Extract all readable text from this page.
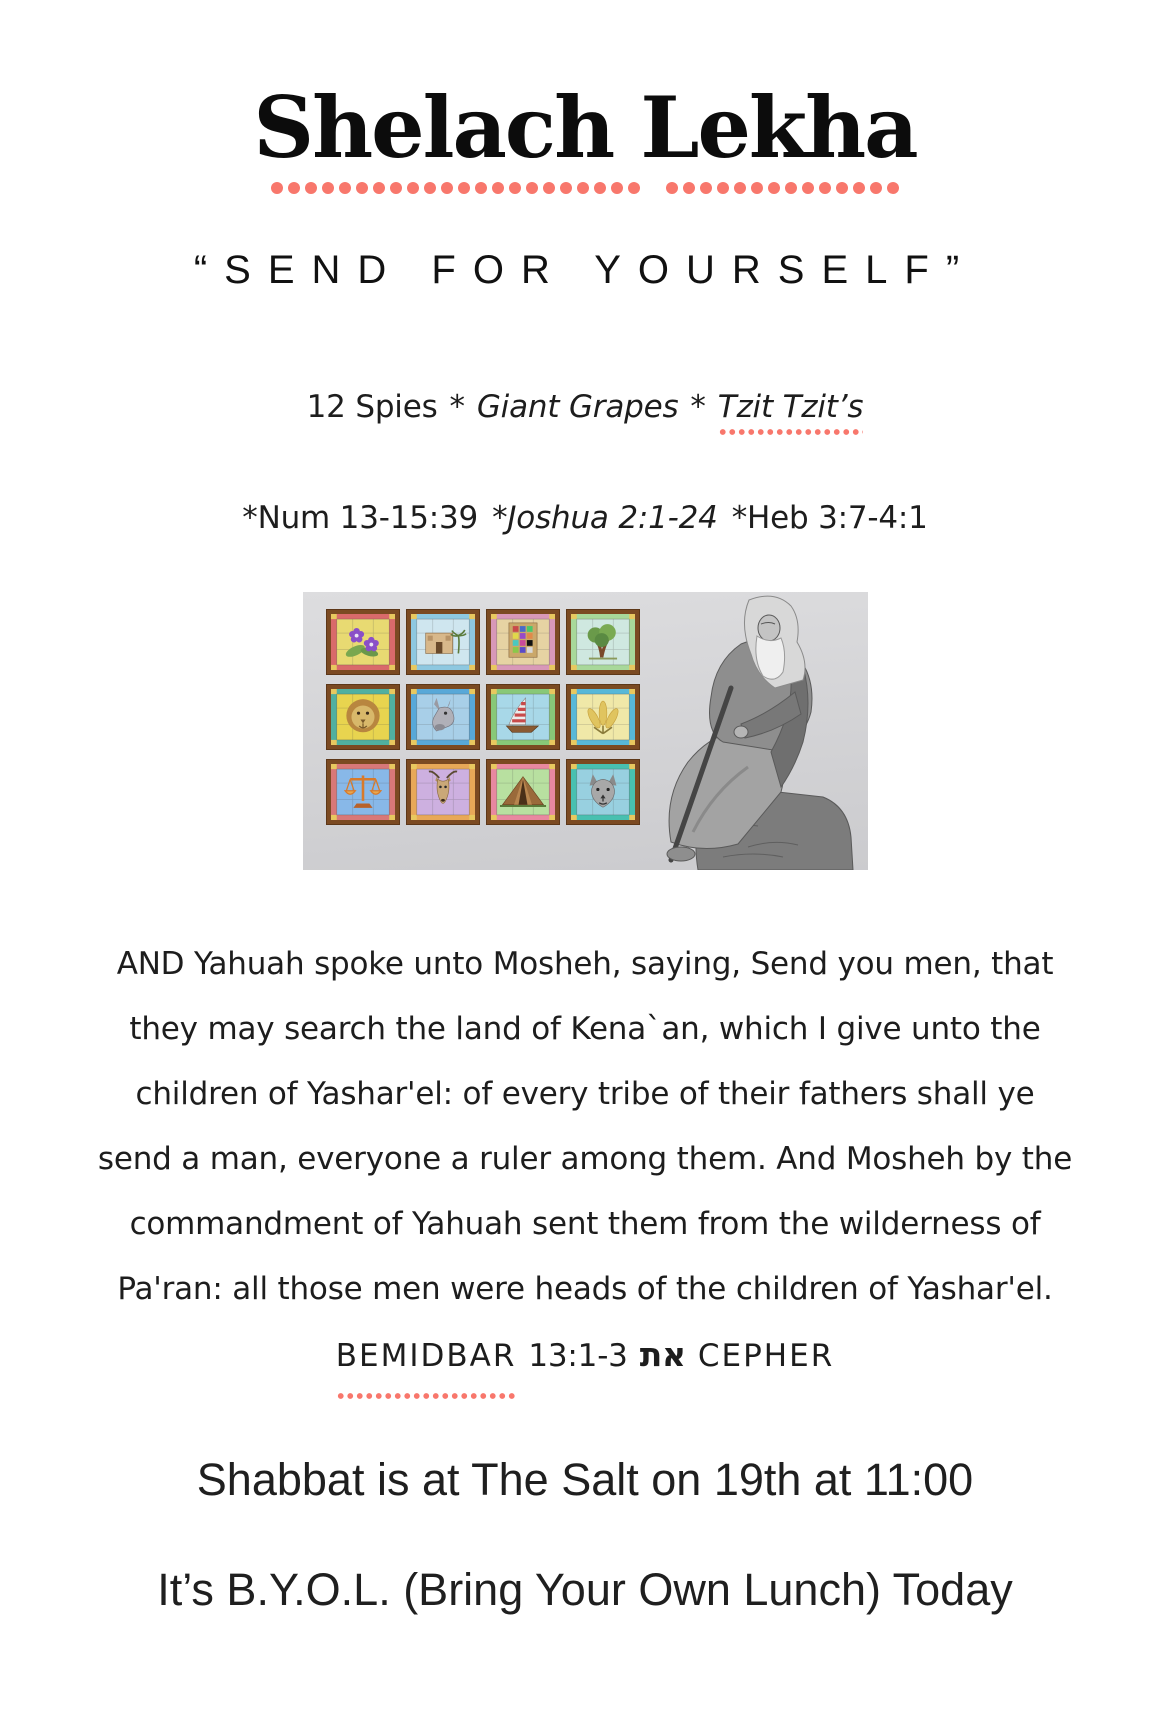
Shelach Lekha
“SEND FOR YOURSELF”
12 Spies * Giant Grapes * Tzit Tzit’s
*Num 13-15:39 *Joshua 2:1-24 *Heb 3:7-4:1
AND Yahuah spoke unto Mosheh, saying, Send you men, that
they may search the land of Kena`an, which I give unto the
children of Yashar'el: of every tribe of their fathers shall ye
send a man, everyone a ruler among them. And Mosheh by the
commandment of Yahuah sent them from the wilderness of
Pa'ran: all those men were heads of the children of Yashar'el.
BEMIDBAR 13:1-3 את CEPHER
Shabbat is at The Salt on 19th at 11:00
It’s B.Y.O.L. (Bring Your Own Lunch) Today
